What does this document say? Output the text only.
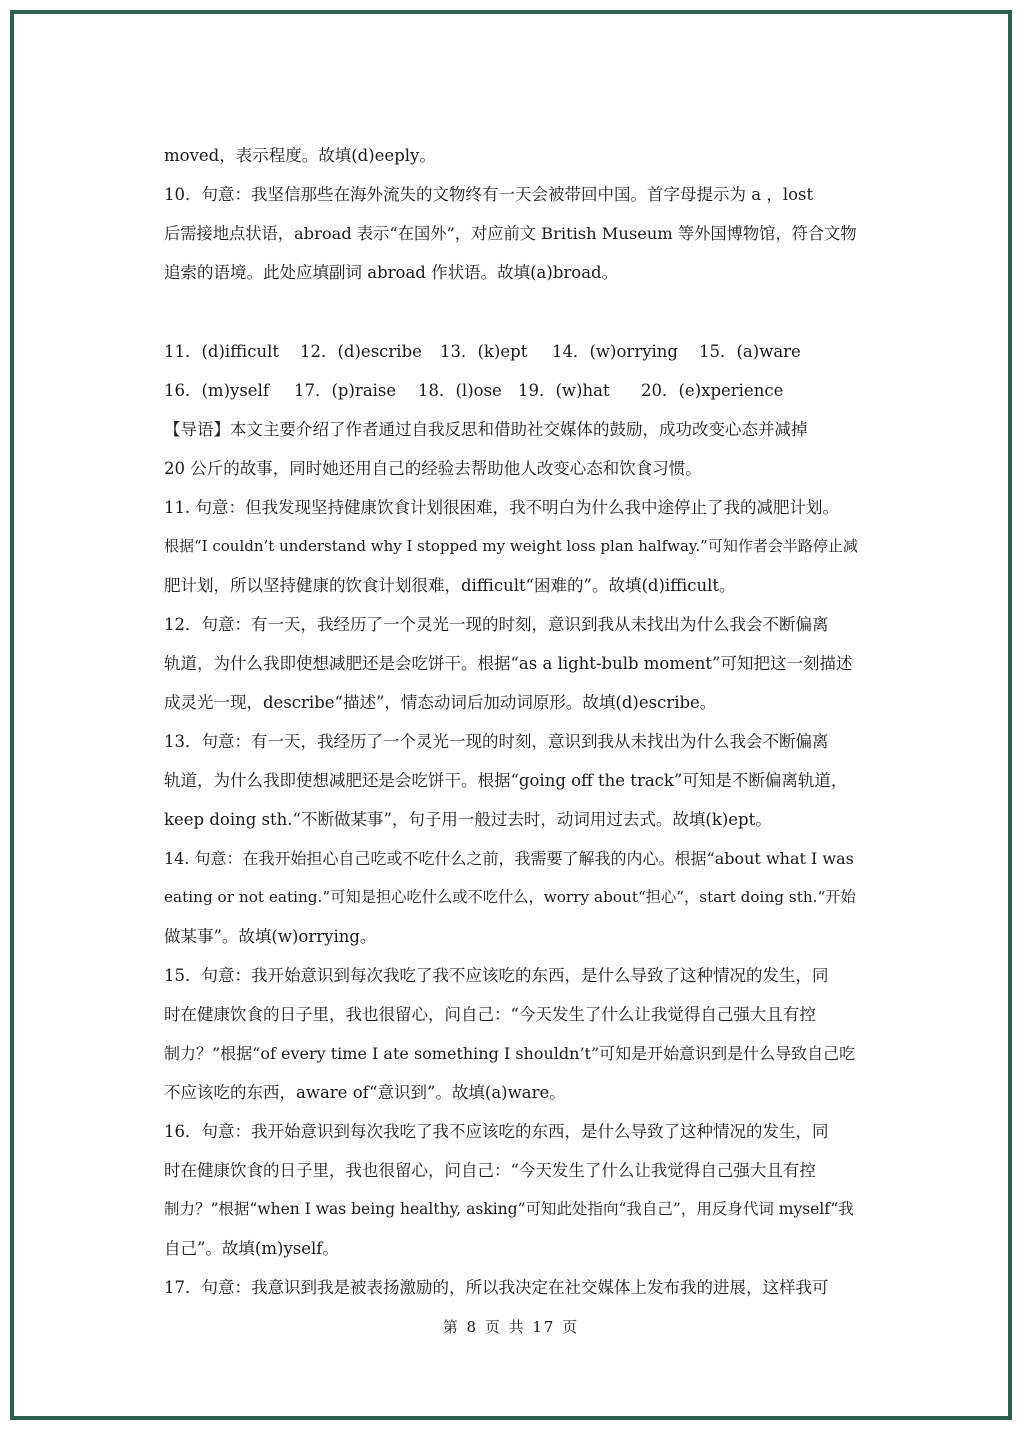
moved，表示程度。故填(d)eeply。
10．句意：我坚信那些在海外流失的文物终有一天会被带回中国。首字母提示为 a ，lost
后需接地点状语，abroad 表示“在国外”，对应前文 British Museum 等外国博物馆，符合文物
追索的语境。此处应填副词 abroad 作状语。故填(a)broad。
11．(d)ifficult	12．(d)escribe	13．(k)ept	14．(w)orrying	15．(a)ware
16．(m)yself	17．(p)raise	18．(l)ose 19．(w)hat	20．(e)xperience
【导语】本文主要介绍了作者通过自我反思和借助社交媒体的鼓励，成功改变心态并减掉
20 公斤的故事，同时她还用自己的经验去帮助他人改变心态和饮食习惯。
11. 句意：但我发现坚持健康饮食计划很困难，我不明白为什么我中途停止了我的减肥计划。
根据“I couldn’t understand why I stopped my weight loss plan halfway.”可知作者会半路停止减
肥计划，所以坚持健康的饮食计划很难，difficult“困难的”。故填(d)ifficult。
12．句意：有一天，我经历了一个灵光一现的时刻，意识到我从未找出为什么我会不断偏离
轨道，为什么我即使想减肥还是会吃饼干。根据“as a light-bulb moment”可知把这一刻描述
成灵光一现，describe“描述”，情态动词后加动词原形。故填(d)escribe。
13．句意：有一天，我经历了一个灵光一现的时刻，意识到我从未找出为什么我会不断偏离
轨道，为什么我即使想减肥还是会吃饼干。根据“going off the track”可知是不断偏离轨道，
keep doing sth.“不断做某事”，句子用一般过去时，动词用过去式。故填(k)ept。
14. 句意：在我开始担心自己吃或不吃什么之前，我需要了解我的内心。根据“about what I was
eating or not eating.”可知是担心吃什么或不吃什么，worry about“担心”，start doing sth.“开始
做某事”。故填(w)orrying。
15．句意：我开始意识到每次我吃了我不应该吃的东西，是什么导致了这种情况的发生，同
时在健康饮食的日子里，我也很留心，问自己：“今天发生了什么让我觉得自己强大且有控
制力？”根据“of every time I ate something I shouldn’t”可知是开始意识到是什么导致自己吃
不应该吃的东西，aware of“意识到”。故填(a)ware。
16．句意：我开始意识到每次我吃了我不应该吃的东西，是什么导致了这种情况的发生，同
时在健康饮食的日子里，我也很留心，问自己：“今天发生了什么让我觉得自己强大且有控
制力？”根据“when I was being healthy, asking”可知此处指向“我自己”，用反身代词 myself“我
自己”。故填(m)yself。
17．句意：我意识到我是被表扬激励的，所以我决定在社交媒体上发布我的进展，这样我可
第 8 页 共 17 页
